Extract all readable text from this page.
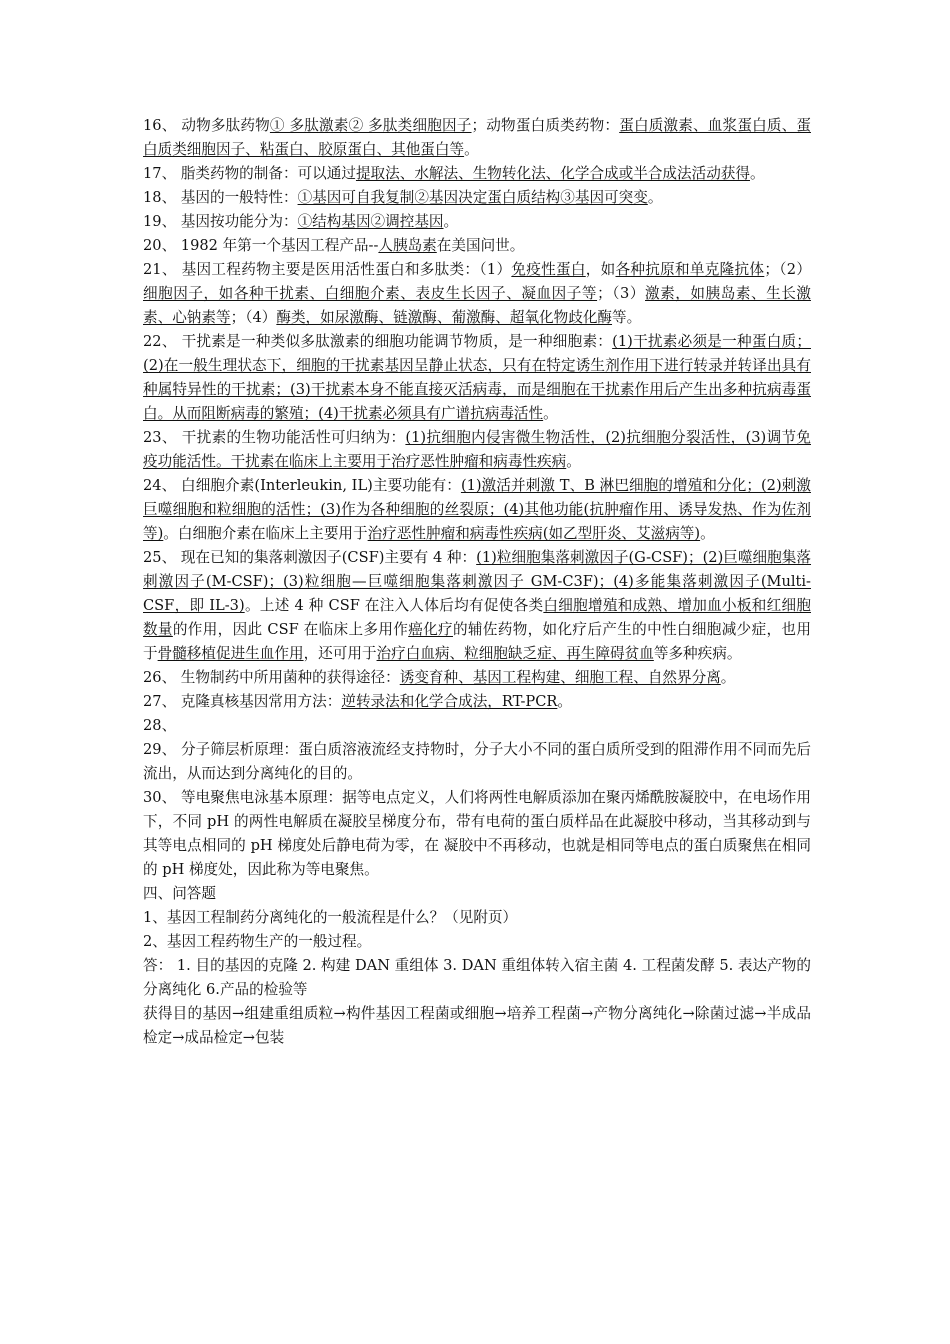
16、 动物多肽药物① 多肽激素② 多肽类细胞因子；动物蛋白质类药物：蛋白质激素、血浆蛋白质、蛋白质类细胞因子、粘蛋白、胶原蛋白、其他蛋白等。

17、 脂类药物的制备：可以通过提取法、水解法、生物转化法、化学合成或半合成法活动获得。

18、 基因的一般特性：①基因可自我复制②基因决定蛋白质结构③基因可突变。

19、 基因按功能分为：①结构基因②调控基因。

20、 1982 年第一个基因工程产品--人胰岛素在美国问世。

21、 基因工程药物主要是医用活性蛋白和多肽类：（1）免疫性蛋白，如各种抗原和单克隆抗体；（2）细胞因子，如各种干扰素、白细胞介素、表皮生长因子、凝血因子等；（3）激素，如胰岛素、生长激素、心钠素等；（4）酶类，如尿激酶、链激酶、葡激酶、超氧化物歧化酶等。

22、 干扰素是一种类似多肽激素的细胞功能调节物质，是一种细胞素：(1)干扰素必须是一种蛋白质；(2)在一般生理状态下，细胞的干扰素基因呈静止状态，只有在特定诱生剂作用下进行转录并转译出具有种属特异性的干扰素；(3)干扰素本身不能直接灭活病毒，而是细胞在干扰素作用后产生出多种抗病毒蛋白。从而阻断病毒的繁殖；(4)干扰素必须具有广谱抗病毒活性。

23、 干扰素的生物功能活性可归纳为：(1)抗细胞内侵害微生物活性，(2)抗细胞分裂活性，(3)调节免疫功能活性。干扰素在临床上主要用于治疗恶性肿瘤和病毒性疾病。

24、 白细胞介素(Interleukin, IL)主要功能有：(1)激活并刺激 T、B 淋巴细胞的增殖和分化；(2)刺激巨噬细胞和粒细胞的活性；(3)作为各种细胞的丝裂原；(4)其他功能(抗肿瘤作用、诱导发热、作为佐剂等)。白细胞介素在临床上主要用于治疗恶性肿瘤和病毒性疾病(如乙型肝炎、艾滋病等)。

25、 现在已知的集落刺激因子(CSF)主要有 4 种：(1)粒细胞集落刺激因子(G-CSF)；(2)巨噬细胞集落刺激因子(M-CSF)；(3)粒细胞—巨噬细胞集落刺激因子 GM-C3F)；(4)多能集落刺激因子(Multi-CSF，即 IL-3)。上述 4 种 CSF 在注入人体后均有促使各类白细胞增殖和成熟、增加血小板和红细胞数量的作用，因此 CSF 在临床上多用作癌化疗的辅佐药物，如化疗后产生的中性白细胞减少症，也用于骨髓移植促进生血作用，还可用于治疗白血病、粒细胞缺乏症、再生障碍贫血等多种疾病。

26、 生物制药中所用菌种的获得途径：诱变育种、基因工程构建、细胞工程、自然界分离。

27、 克隆真核基因常用方法：逆转录法和化学合成法，RT-PCR。

28、

29、 分子筛层析原理：蛋白质溶液流经支持物时，分子大小不同的蛋白质所受到的阻滞作用不同而先后流出，从而达到分离纯化的目的。

30、 等电聚焦电泳基本原理：据等电点定义，人们将两性电解质添加在聚丙烯酰胺凝胶中，在电场作用下，不同 pH 的两性电解质在凝胶呈梯度分布，带有电荷的蛋白质样品在此凝胶中移动，当其移动到与其等电点相同的 pH 梯度处后静电荷为零，在 凝胶中不再移动，也就是相同等电点的蛋白质聚焦在相同的 pH 梯度处，因此称为等电聚焦。

四、问答题

1、基因工程制药分离纯化的一般流程是什么？（见附页）

2、基因工程药物生产的一般过程。

答： 1. 目的基因的克隆 2. 构建 DAN 重组体 3. DAN 重组体转入宿主菌 4. 工程菌发酵 5. 表达产物的分离纯化 6.产品的检验等

获得目的基因→组建重组质粒→构件基因工程菌或细胞→培养工程菌→产物分离纯化→除菌过滤→半成品检定→成品检定→包装
